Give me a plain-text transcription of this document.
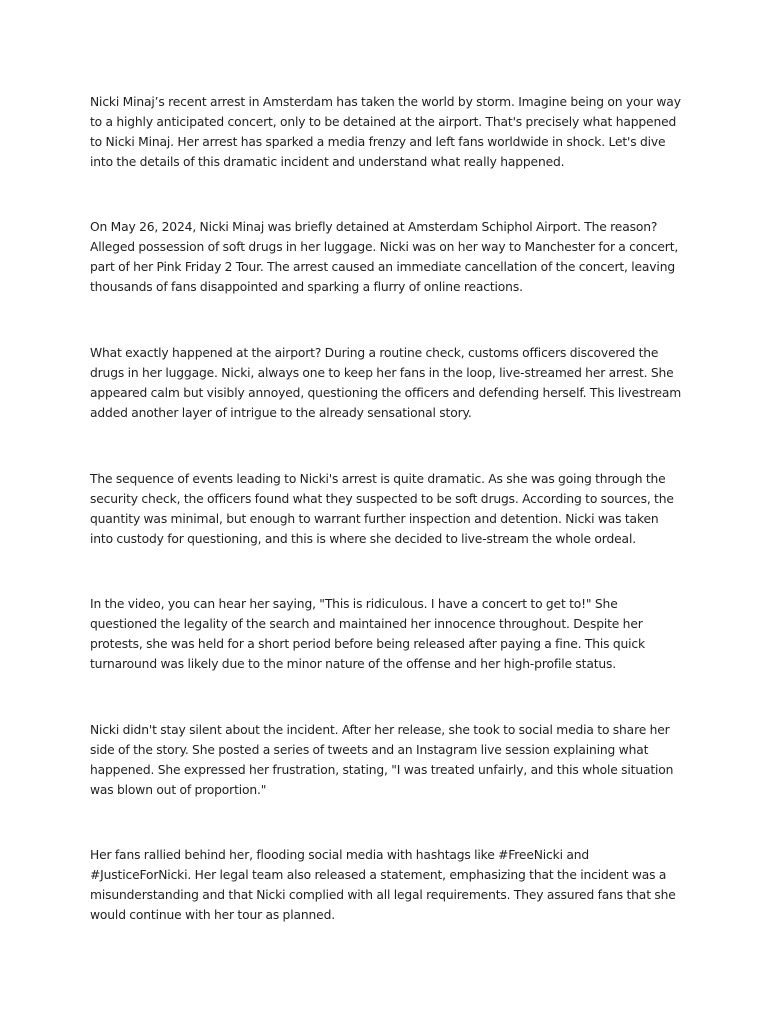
Nicki Minaj’s recent arrest in Amsterdam has taken the world by storm. Imagine being on your way to a highly anticipated concert, only to be detained at the airport. That's precisely what happened to Nicki Minaj. Her arrest has sparked a media frenzy and left fans worldwide in shock. Let's dive into the details of this dramatic incident and understand what really happened.

On May 26, 2024, Nicki Minaj was briefly detained at Amsterdam Schiphol Airport. The reason? Alleged possession of soft drugs in her luggage. Nicki was on her way to Manchester for a concert, part of her Pink Friday 2 Tour. The arrest caused an immediate cancellation of the concert, leaving thousands of fans disappointed and sparking a flurry of online reactions.

What exactly happened at the airport? During a routine check, customs officers discovered the drugs in her luggage. Nicki, always one to keep her fans in the loop, live-streamed her arrest. She appeared calm but visibly annoyed, questioning the officers and defending herself. This livestream added another layer of intrigue to the already sensational story.

The sequence of events leading to Nicki's arrest is quite dramatic. As she was going through the security check, the officers found what they suspected to be soft drugs. According to sources, the quantity was minimal, but enough to warrant further inspection and detention. Nicki was taken into custody for questioning, and this is where she decided to live-stream the whole ordeal.

In the video, you can hear her saying, "This is ridiculous. I have a concert to get to!" She questioned the legality of the search and maintained her innocence throughout. Despite her protests, she was held for a short period before being released after paying a fine. This quick turnaround was likely due to the minor nature of the offense and her high-profile status.

Nicki didn't stay silent about the incident. After her release, she took to social media to share her side of the story. She posted a series of tweets and an Instagram live session explaining what happened. She expressed her frustration, stating, "I was treated unfairly, and this whole situation was blown out of proportion."

Her fans rallied behind her, flooding social media with hashtags like #FreeNicki and #JusticeForNicki. Her legal team also released a statement, emphasizing that the incident was a misunderstanding and that Nicki complied with all legal requirements. They assured fans that she would continue with her tour as planned.
